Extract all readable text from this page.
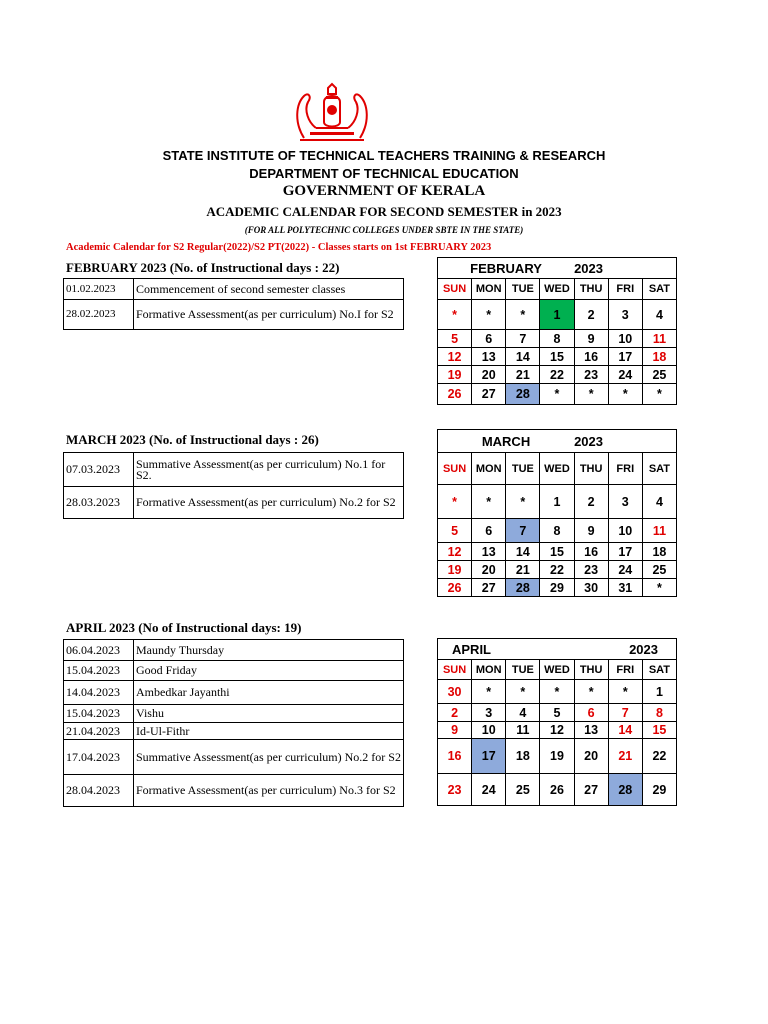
STATE INSTITUTE OF TECHNICAL TEACHERS TRAINING & RESEARCH
DEPARTMENT OF TECHNICAL EDUCATION
GOVERNMENT OF KERALA
ACADEMIC CALENDAR FOR SECOND SEMESTER in 2023
(FOR ALL POLYTECHNIC COLLEGES UNDER SBTE IN THE STATE)
Academic Calendar for S2 Regular(2022)/S2 PT(2022) - Classes starts on 1st FEBRUARY 2023
FEBRUARY 2023 (No. of Instructional days : 22)
01.02.2023	Commencement of second semester classes
28.02.2023	Formative Assessment(as per curriculum) No.I for S2
FEBRUARY				2023		
SUN	MON	TUE	WED	THU	FRI	SAT
*	*	*	1	2	3	4
5	6	7	8	9	10	11
12	13	14	15	16	17	18
19	20	21	22	23	24	25
26	27	28	*	*	*	*
MARCH 2023 (No. of Instructional days : 26)
07.03.2023	Summative Assessment(as per curriculum) No.1 for S2.
28.03.2023	Formative Assessment(as per curriculum) No.2 for S2
MARCH				2023		
SUN	MON	TUE	WED	THU	FRI	SAT
*	*	*	1	2	3	4
5	6	7	8	9	10	11
12	13	14	15	16	17	18
19	20	21	22	23	24	25
26	27	28	29	30	31	*
APRIL 2023 (No of Instructional days: 19)
06.04.2023	Maundy Thursday
15.04.2023	Good Friday
14.04.2023	Ambedkar Jayanthi
15.04.2023	Vishu
21.04.2023	Id-Ul-Fithr
17.04.2023	Summative Assessment(as per curriculum) No.2 for S2
28.04.2023	Formative Assessment(as per curriculum) No.3 for S2
APRIL				2023		
SUN	MON	TUE	WED	THU	FRI	SAT
30	*	*	*	*	*	1
2	3	4	5	6	7	8
9	10	11	12	13	14	15
16	17	18	19	20	21	22
23	24	25	26	27	28	29
